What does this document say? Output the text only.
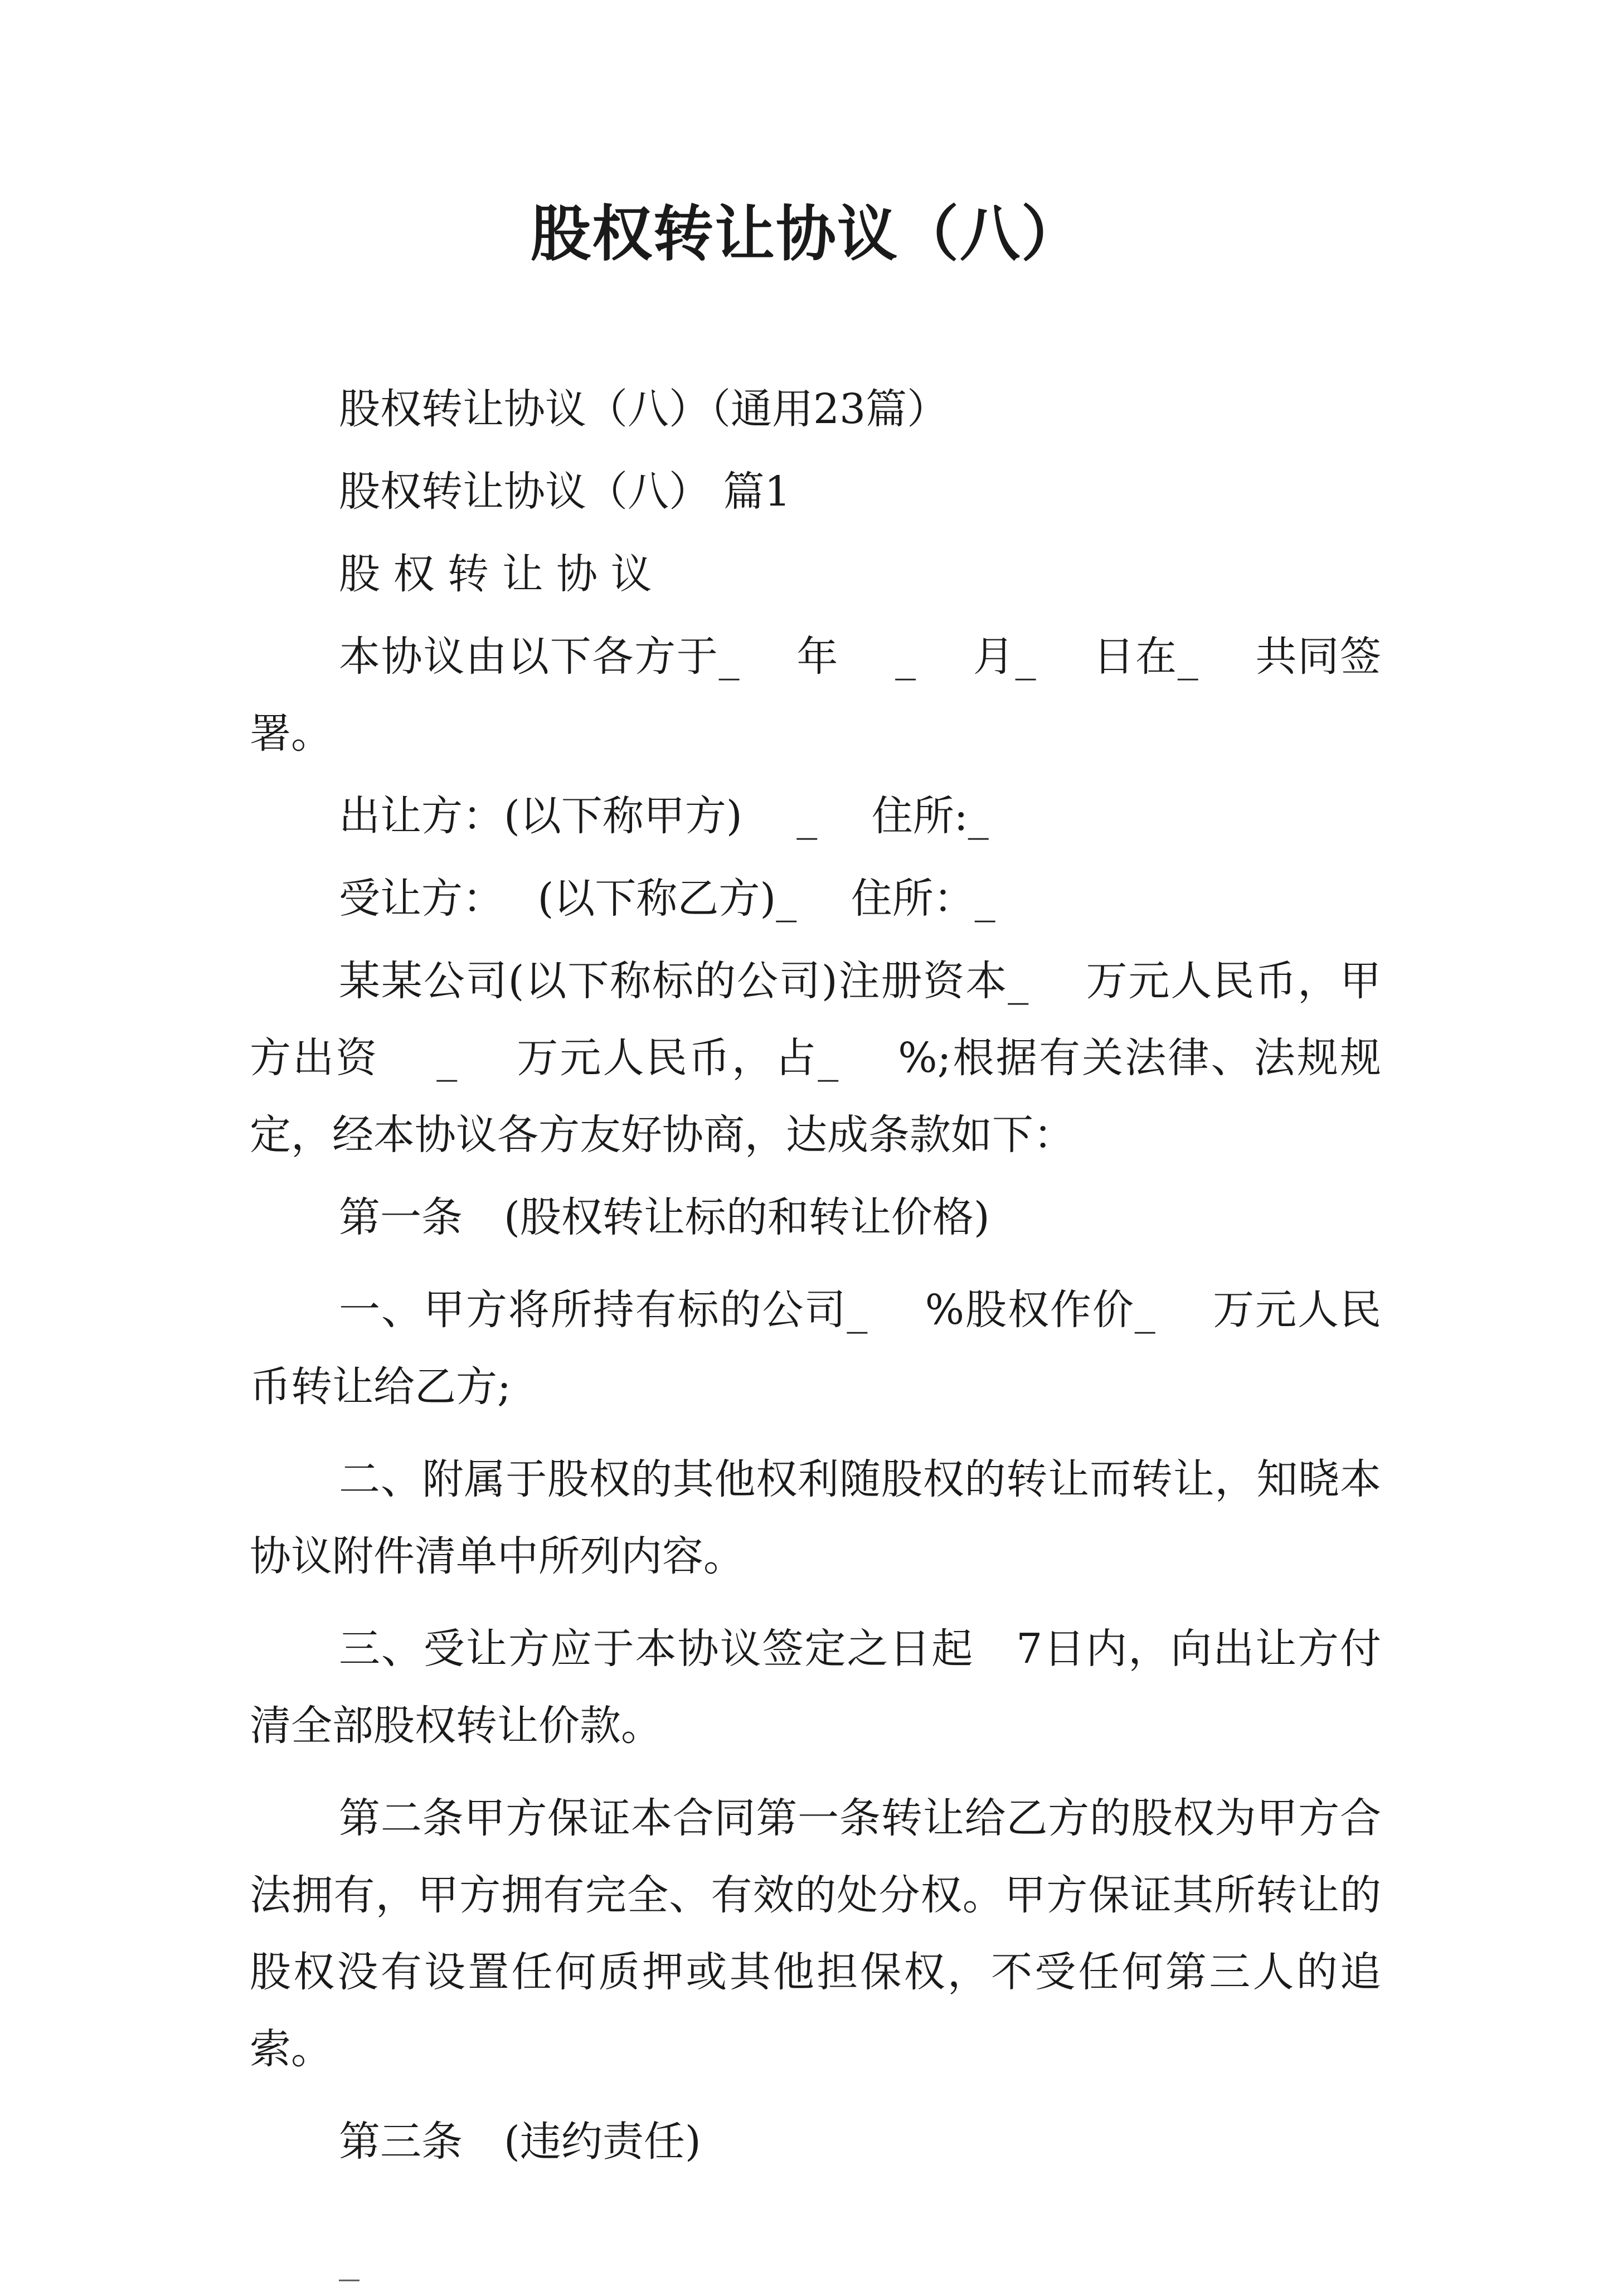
股权转让协议（八）

股权转让协议（八）（通用23篇）

股权转让协议（八） 篇1

股 权 转 让 协 议

本协议由以下各方于_　 年　 _　 月_　 日在_　 共同签署。

出让方：(以下称甲方)　 _　 住所:_

受让方：　 (以下称乙方)_　 住所：_

某某公司(以下称标的公司)注册资本_　 万元人民币，甲方出资　 _　 万元人民币，占_　 %;根据有关法律、法规规定，经本协议各方友好协商，达成条款如下：

第一条　(股权转让标的和转让价格)

一、甲方将所持有标的公司_　 %股权作价_　 万元人民币转让给乙方;

二、附属于股权的其他权利随股权的转让而转让，知晓本协议附件清单中所列内容。

三、受让方应于本协议签定之日起　7日内，向出让方付清全部股权转让价款。

第二条甲方保证本合同第一条转让给乙方的股权为甲方合法拥有，甲方拥有完全、有效的处分权。甲方保证其所转让的股权没有设置任何质押或其他担保权，不受任何第三人的追索。

第三条　(违约责任)

_
